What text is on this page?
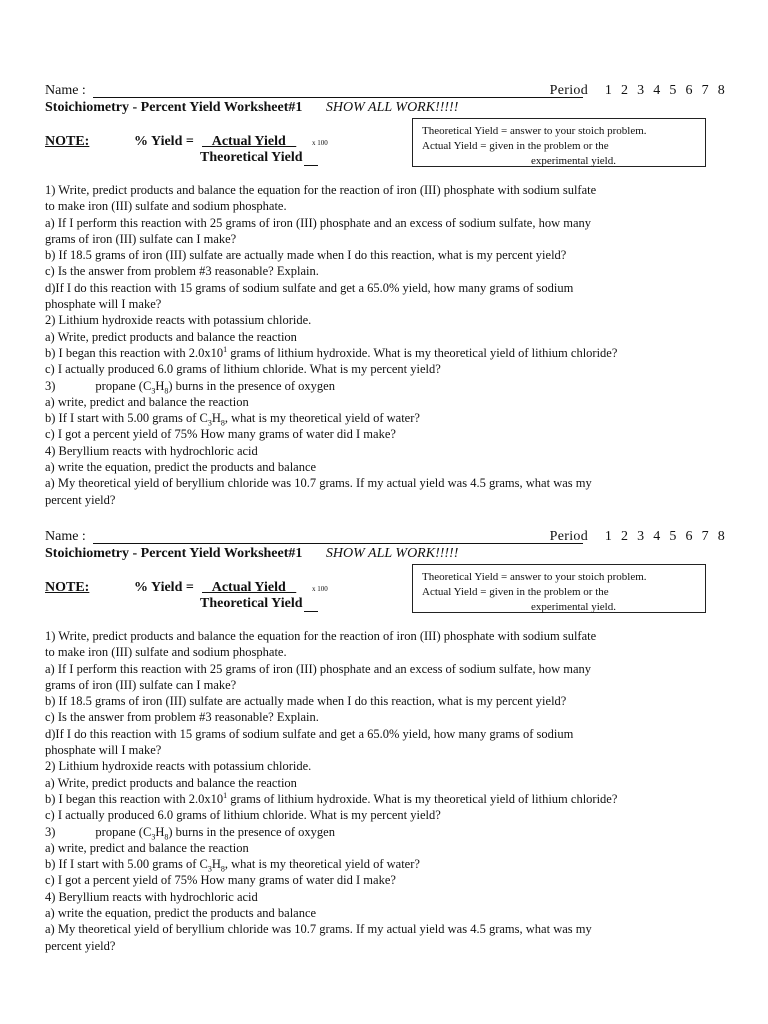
Name :	Period 1 2 3 4 5 6 7 8
Stoichiometry - Percent Yield Worksheet#1 SHOW ALL WORK!!!!!
NOTE:	% Yield = Actual Yield x 100
Theoretical Yield
Theoretical Yield = answer to your stoich problem.
Actual Yield = given in the problem or the
experimental yield.
1) Write, predict products and balance the equation for the reaction of iron (III) phosphate with sodium sulfate
to make iron (III) sulfate and sodium phosphate.
a) If I perform this reaction with 25 grams of iron (III) phosphate and an excess of sodium sulfate, how many
grams of iron (III) sulfate can I make?
b) If 18.5 grams of iron (III) sulfate are actually made when I do this reaction, what is my percent yield?
c) Is the answer from problem #3 reasonable? Explain.
d)If I do this reaction with 15 grams of sodium sulfate and get a 65.0% yield, how many grams of sodium
phosphate will I make?
2) Lithium hydroxide reacts with potassium chloride.
a) Write, predict products and balance the reaction
b) I began this reaction with $2.0x10^1$ grams of lithium hydroxide. What is my theoretical yield of lithium chloride?
c) I actually produced 6.0 grams of lithium chloride. What is my percent yield?
3)	propane $(C_3H_8)$ burns in the presence of oxygen
a) write, predict and balance the reaction
b) If I start with 5.00 grams of $C_3H_8$, what is my theoretical yield of water?
c) I got a percent yield of 75% How many grams of water did I make?
4) Beryllium reacts with hydrochloric acid
a) write the equation, predict the products and balance
a) My theoretical yield of beryllium chloride was 10.7 grams. If my actual yield was 4.5 grams, what was my
percent yield?
Name :	Period 1 2 3 4 5 6 7 8
Stoichiometry - Percent Yield Worksheet#1 SHOW ALL WORK!!!!!
NOTE:	% Yield = Actual Yield x 100
Theoretical Yield
Theoretical Yield = answer to your stoich problem.
Actual Yield = given in the problem or the
experimental yield.
1) Write, predict products and balance the equation for the reaction of iron (III) phosphate with sodium sulfate
to make iron (III) sulfate and sodium phosphate.
a) If I perform this reaction with 25 grams of iron (III) phosphate and an excess of sodium sulfate, how many
grams of iron (III) sulfate can I make?
b) If 18.5 grams of iron (III) sulfate are actually made when I do this reaction, what is my percent yield?
c) Is the answer from problem #3 reasonable? Explain.
d)If I do this reaction with 15 grams of sodium sulfate and get a 65.0% yield, how many grams of sodium
phosphate will I make?
2) Lithium hydroxide reacts with potassium chloride.
a) Write, predict products and balance the reaction
b) I began this reaction with $2.0x10^1$ grams of lithium hydroxide. What is my theoretical yield of lithium chloride?
c) I actually produced 6.0 grams of lithium chloride. What is my percent yield?
3)	propane $(C_3H_8)$ burns in the presence of oxygen
a) write, predict and balance the reaction
b) If I start with 5.00 grams of $C_3H_8$, what is my theoretical yield of water?
c) I got a percent yield of 75% How many grams of water did I make?
4) Beryllium reacts with hydrochloric acid
a) write the equation, predict the products and balance
a) My theoretical yield of beryllium chloride was 10.7 grams. If my actual yield was 4.5 grams, what was my
percent yield?
